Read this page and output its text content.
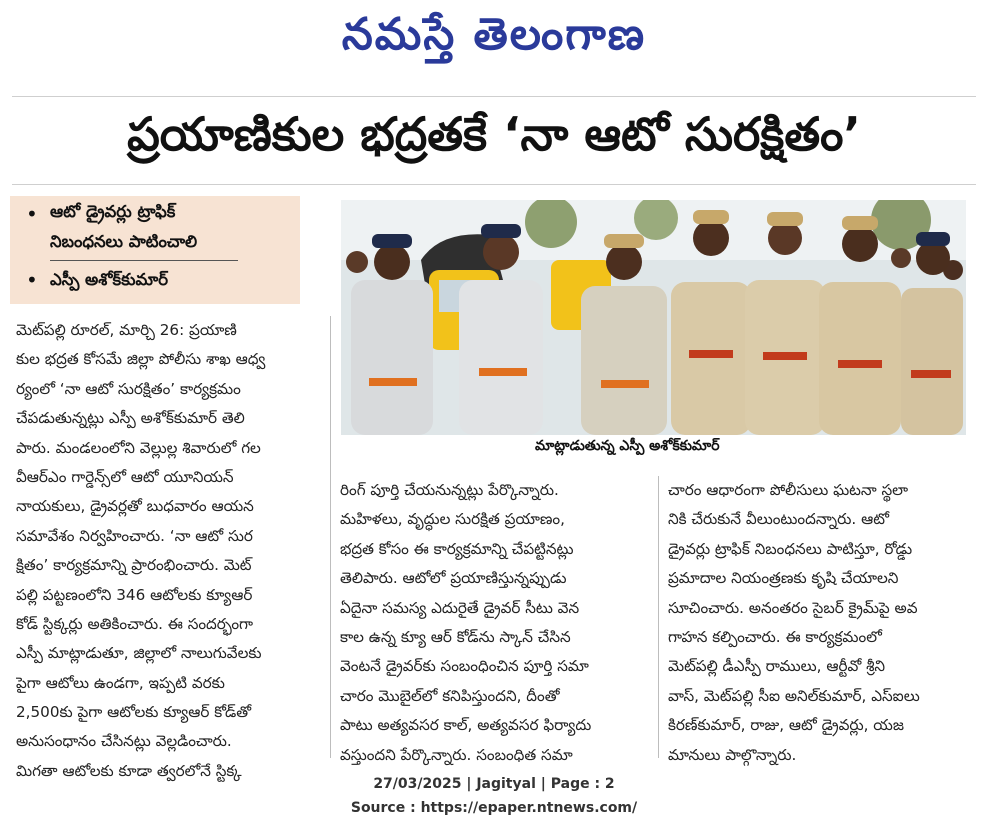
నమస్తే తెలంగాణ
ప్రయాణికుల భద్రతకే ‘నా ఆటో సురక్షితం’
• ఆటో డ్రైవర్లు ట్రాఫిక్
నిబంధనలు పాటించాలి
• ఎస్పీ అశోక్‌కుమార్
మాట్లాడుతున్న ఎస్పీ అశోక్‌కుమార్
మెట్‌పల్లి రూరల్, మార్చి 26: ప్రయాణి
కుల భద్రత కోసమే జిల్లా పోలీసు శాఖ ఆధ్వ
ర్యంలో ‘నా ఆటో సురక్షితం’ కార్యక్రమం
చేపడుతున్నట్లు ఎస్పీ అశోక్‌కుమార్ తెలి
పారు. మండలంలోని వెల్లుల్ల శివారులో గల
వీఆర్ఎం గార్డెన్స్‌లో ఆటో యూనియన్
నాయకులు, డ్రైవర్లతో బుధవారం ఆయన
సమావేశం నిర్వహించారు. ‘నా ఆటో సుర
క్షితం’ కార్యక్రమాన్ని ప్రారంభించారు. మెట్
పల్లి పట్టణంలోని 346 ఆటోలకు క్యూఆర్
కోడ్ స్టిక్కర్లు అతికించారు. ఈ సందర్భంగా
ఎస్పీ మాట్లాడుతూ, జిల్లాలో నాలుగువేలకు
పైగా ఆటోలు ఉండగా, ఇప్పటి వరకు
2,500కు పైగా ఆటోలకు క్యూఆర్ కోడ్‌తో
అనుసంధానం చేసినట్లు వెల్లడించారు.
మిగతా ఆటోలకు కూడా త్వరలోనే స్టిక్క
రింగ్ పూర్తి చేయనున్నట్లు పేర్కొన్నారు.
మహిళలు, వృద్ధుల సురక్షిత ప్రయాణం,
భద్రత కోసం ఈ కార్యక్రమాన్ని చేపట్టినట్లు
తెలిపారు. ఆటోలో ప్రయాణిస్తున్నప్పుడు
ఏదైనా సమస్య ఎదురైతే డ్రైవర్ సీటు వెన
కాల ఉన్న క్యూ ఆర్ కోడ్‌ను స్కాన్ చేసిన
వెంటనే డ్రైవర్‌కు సంబంధించిన పూర్తి సమా
చారం మొబైల్‌లో కనిపిస్తుందని, దీంతో
పాటు అత్యవసర కాల్, అత్యవసర ఫిర్యాదు
వస్తుందని పేర్కొన్నారు. సంబంధిత సమా
చారం ఆధారంగా పోలీసులు ఘటనా స్థలా
నికి చేరుకునే వీలుంటుందన్నారు. ఆటో
డ్రైవర్లు ట్రాఫిక్ నిబంధనలు పాటిస్తూ, రోడ్డు
ప్రమాదాల నియంత్రణకు కృషి చేయాలని
సూచించారు. అనంతరం సైబర్ క్రైమ్‌పై అవ
గాహన కల్పించారు. ఈ కార్యక్రమంలో
మెట్‌పల్లి డీఎస్పీ రాములు, ఆర్టీవో శ్రీని
వాస్, మెట్‌పల్లి సీఐ అనిల్‌కుమార్, ఎస్ఐలు
కిరణ్‌కుమార్, రాజు, ఆటో డ్రైవర్లు, యజ
మానులు పాల్గొన్నారు.
27/03/2025 | Jagityal | Page : 2
Source : https://epaper.ntnews.com/
